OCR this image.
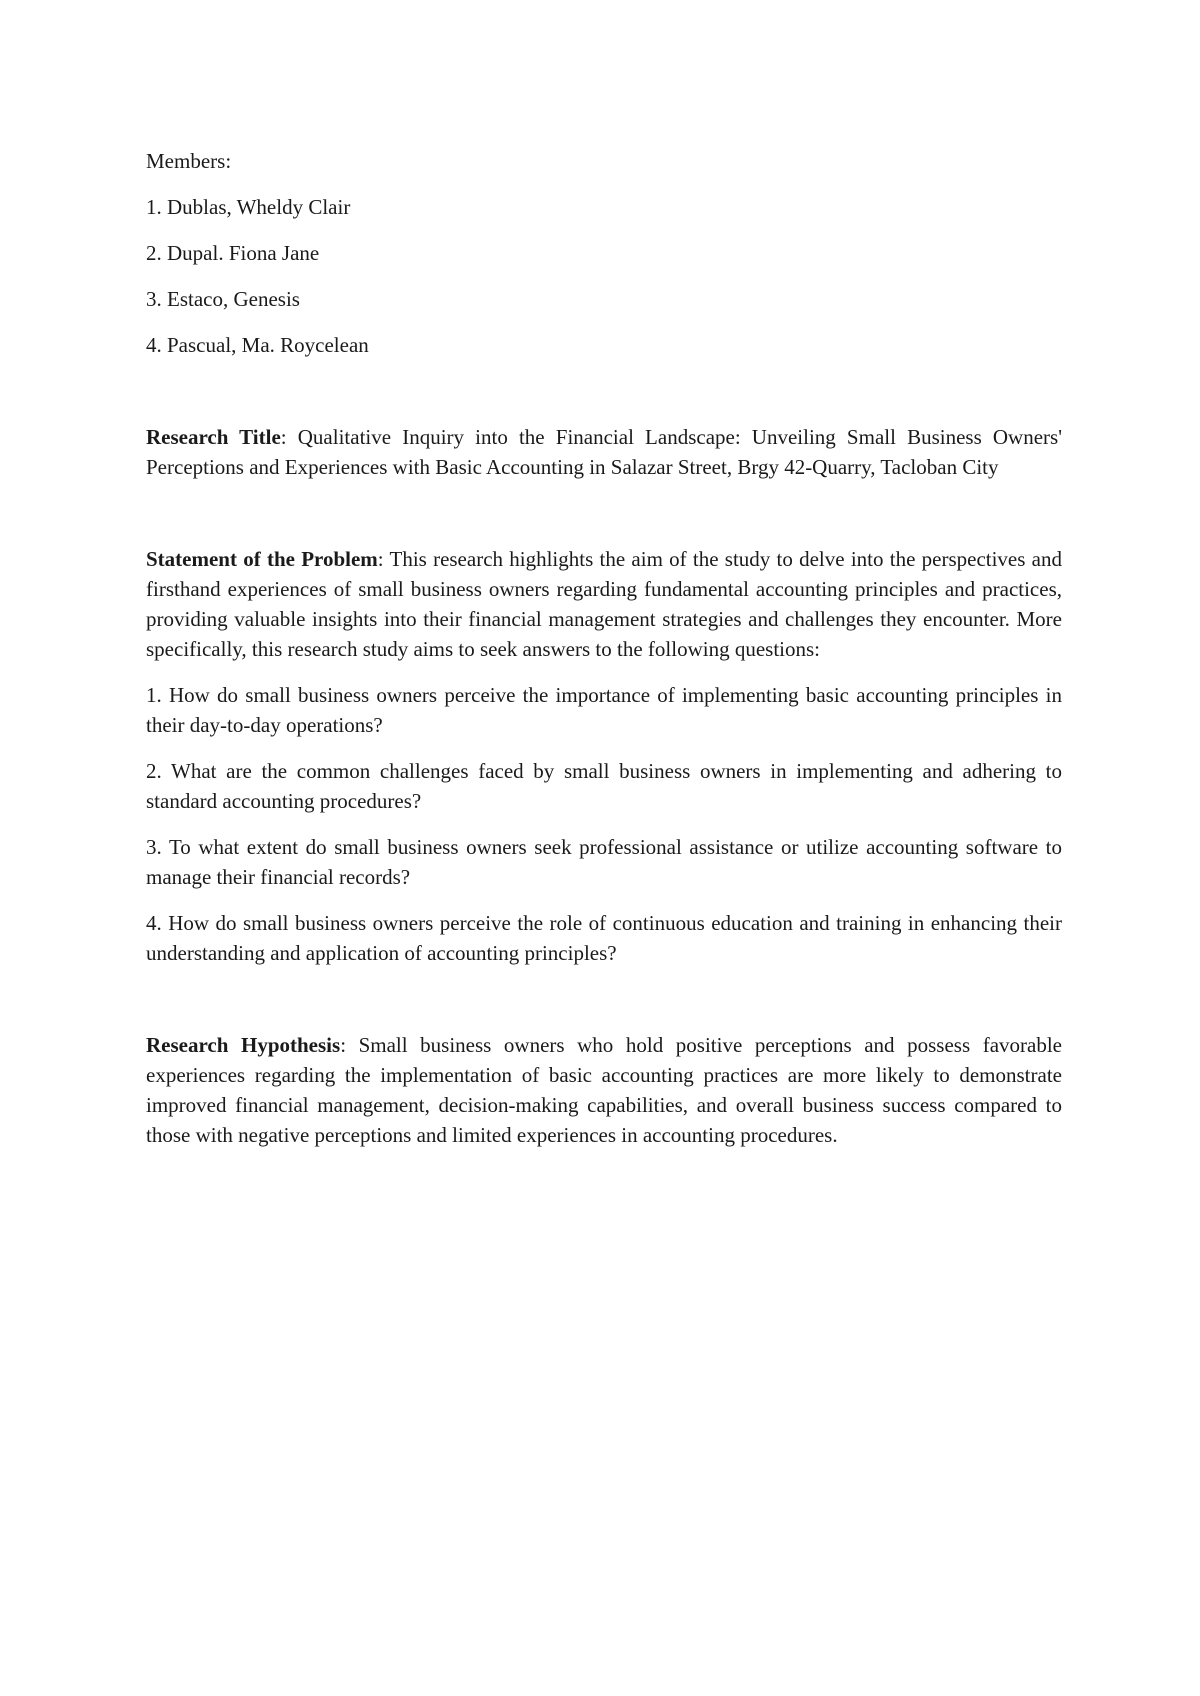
Members:

1. Dublas, Wheldy Clair

2. Dupal. Fiona Jane

3. Estaco, Genesis

4. Pascual, Ma. Roycelean

Research Title: Qualitative Inquiry into the Financial Landscape: Unveiling Small Business Owners' Perceptions and Experiences with Basic Accounting in Salazar Street, Brgy 42-Quarry, Tacloban City

Statement of the Problem: This research highlights the aim of the study to delve into the perspectives and firsthand experiences of small business owners regarding fundamental accounting principles and practices, providing valuable insights into their financial management strategies and challenges they encounter. More specifically, this research study aims to seek answers to the following questions:

1. How do small business owners perceive the importance of implementing basic accounting principles in their day-to-day operations?

2. What are the common challenges faced by small business owners in implementing and adhering to standard accounting procedures?

3. To what extent do small business owners seek professional assistance or utilize accounting software to manage their financial records?

4. How do small business owners perceive the role of continuous education and training in enhancing their understanding and application of accounting principles?

Research Hypothesis: Small business owners who hold positive perceptions and possess favorable experiences regarding the implementation of basic accounting practices are more likely to demonstrate improved financial management, decision-making capabilities, and overall business success compared to those with negative perceptions and limited experiences in accounting procedures.
